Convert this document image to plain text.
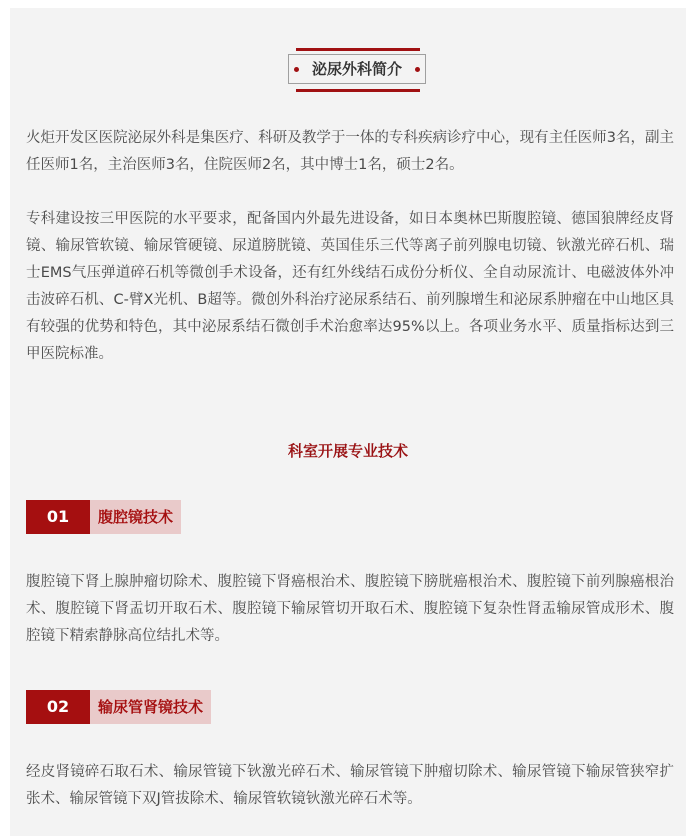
泌尿外科简介

火炬开发区医院泌尿外科是集医疗、科研及教学于一体的专科疾病诊疗中心，现有主任医师3名，副主任医师1名，主治医师3名，住院医师2名，其中博士1名，硕士2名。

专科建设按三甲医院的水平要求，配备国内外最先进设备，如日本奥林巴斯腹腔镜、德国狼牌经皮肾镜、输尿管软镜、输尿管硬镜、尿道膀胱镜、英国佳乐三代等离子前列腺电切镜、钬激光碎石机、瑞士EMS气压弹道碎石机等微创手术设备，还有红外线结石成份分析仪、全自动尿流计、电磁波体外冲击波碎石机、C-臂X光机、B超等。微创外科治疗泌尿系结石、前列腺增生和泌尿系肿瘤在中山地区具有较强的优势和特色，其中泌尿系结石微创手术治愈率达95%以上。各项业务水平、质量指标达到三甲医院标准。

科室开展专业技术
01	腹腔镜技术

腹腔镜下肾上腺肿瘤切除术、腹腔镜下肾癌根治术、腹腔镜下膀胱癌根治术、腹腔镜下前列腺癌根治术、腹腔镜下肾盂切开取石术、腹腔镜下输尿管切开取石术、腹腔镜下复杂性肾盂输尿管成形术、腹腔镜下精索静脉高位结扎术等。

02	输尿管肾镜技术

经皮肾镜碎石取石术、输尿管镜下钬激光碎石术、输尿管镜下肿瘤切除术、输尿管镜下输尿管狭窄扩张术、输尿管镜下双J管拔除术、输尿管软镜钬激光碎石术等。
